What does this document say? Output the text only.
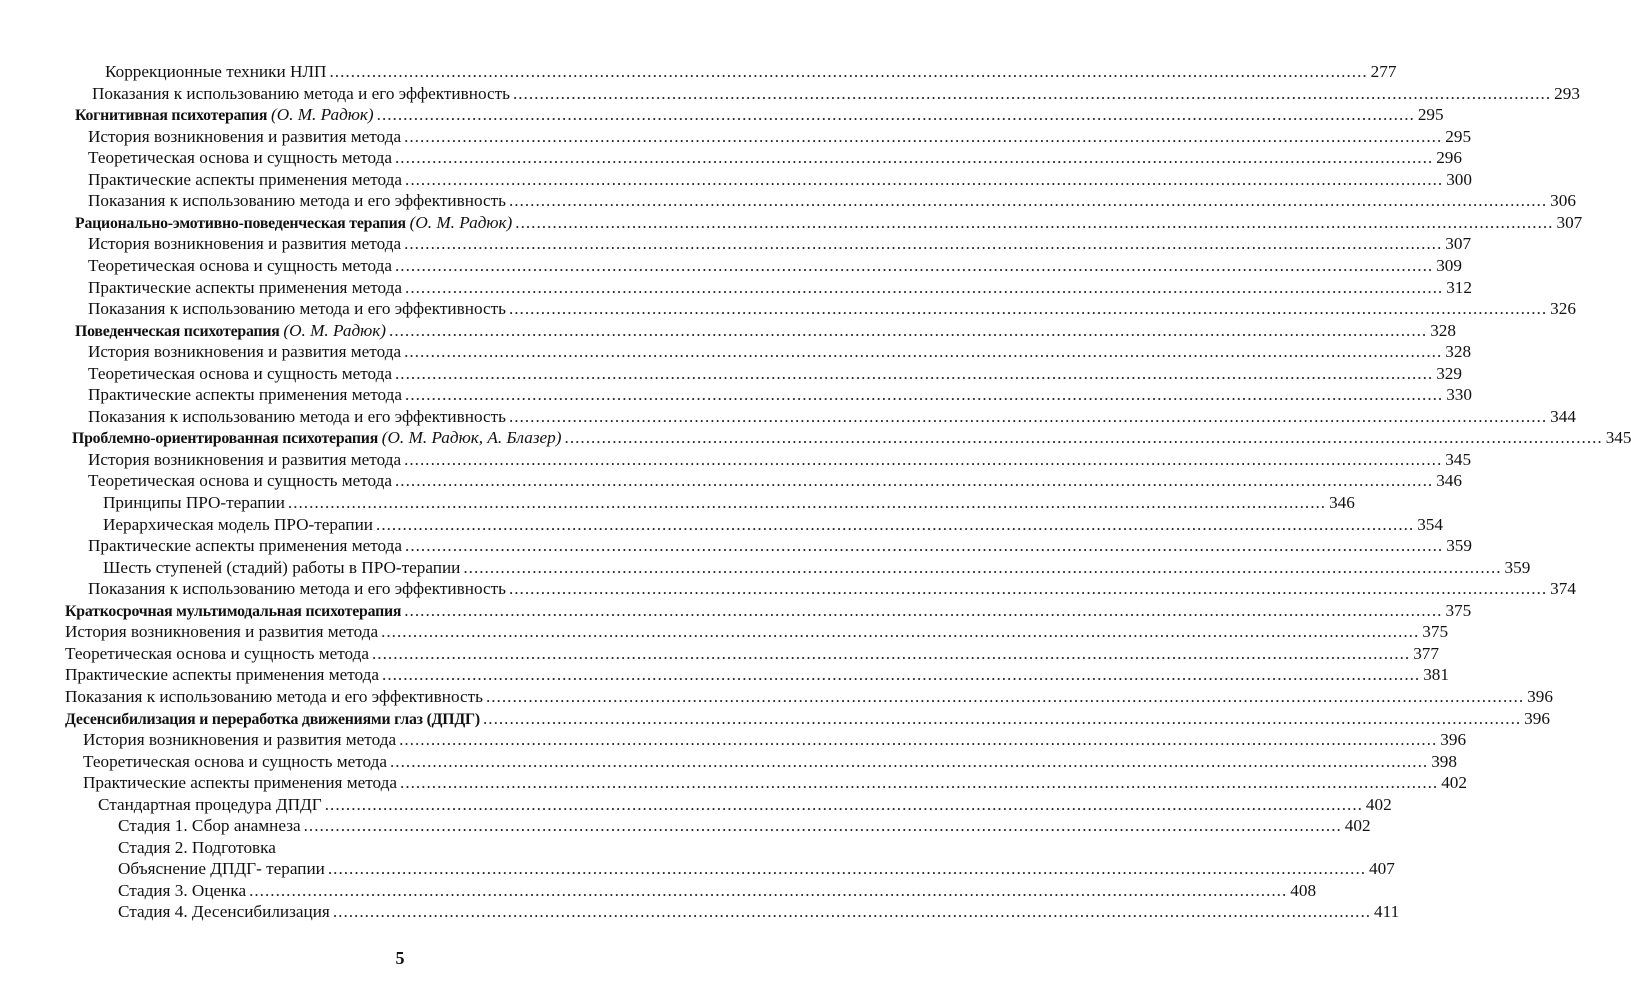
Коррекционные техники НЛП .....	277
Показания к использованию метода и его эффективность .....	293
Когнитивная психотерапия (О. М. Радюк) .....	295
История возникновения и развития метода .....	295
Теоретическая основа и сущность метода .....	296
Практические аспекты применения метода .....	300
Показания к использованию метода и его эффективность .....	306
Рационально-эмотивно-поведенческая терапия (О. М. Радюк) .....	307
История возникновения и развития метода .....	307
Теоретическая основа и сущность метода .....	309
Практические аспекты применения метода .....	312
Показания к использованию метода и его эффективность .....	326
Поведенческая психотерапия (О. М. Радюк) .....	328
История возникновения и развития метода .....	328
Теоретическая основа и сущность метода .....	329
Практические аспекты применения метода .....	330
Показания к использованию метода и его эффективность .....	344
Проблемно-ориентированная психотерапия (О. М. Радюк, А. Блазер) .....	345
История возникновения и развития метода .....	345
Теоретическая основа и сущность метода .....	346
Принципы ПРО-терапии .....	346
Иерархическая модель ПРО-терапии .....	354
Практические аспекты применения метода .....	359
Шесть ступеней (стадий) работы в ПРО-терапии .....	359
Показания к использованию метода и его эффективность .....	374
Краткосрочная мультимодальная психотерапия .....	375
История возникновения и развития метода .....	375
Теоретическая основа и сущность метода .....	377
Практические аспекты применения метода .....	381
Показания к использованию метода и его эффективность .....	396
Десенсибилизация и переработка движениями глаз (ДПДГ) .....	396
История возникновения и развития метода .....	396
Теоретическая основа и сущность метода .....	398
Практические аспекты применения метода .....	402
Стандартная процедура ДПДГ .....	402
Стадия 1. Сбор анамнеза .....	402
Стадия 2. Подготовка
Объяснение ДПДГ- терапии .....	407
Стадия 3. Оценка .....	408
Стадия 4. Десенсибилизация .....	411
5
